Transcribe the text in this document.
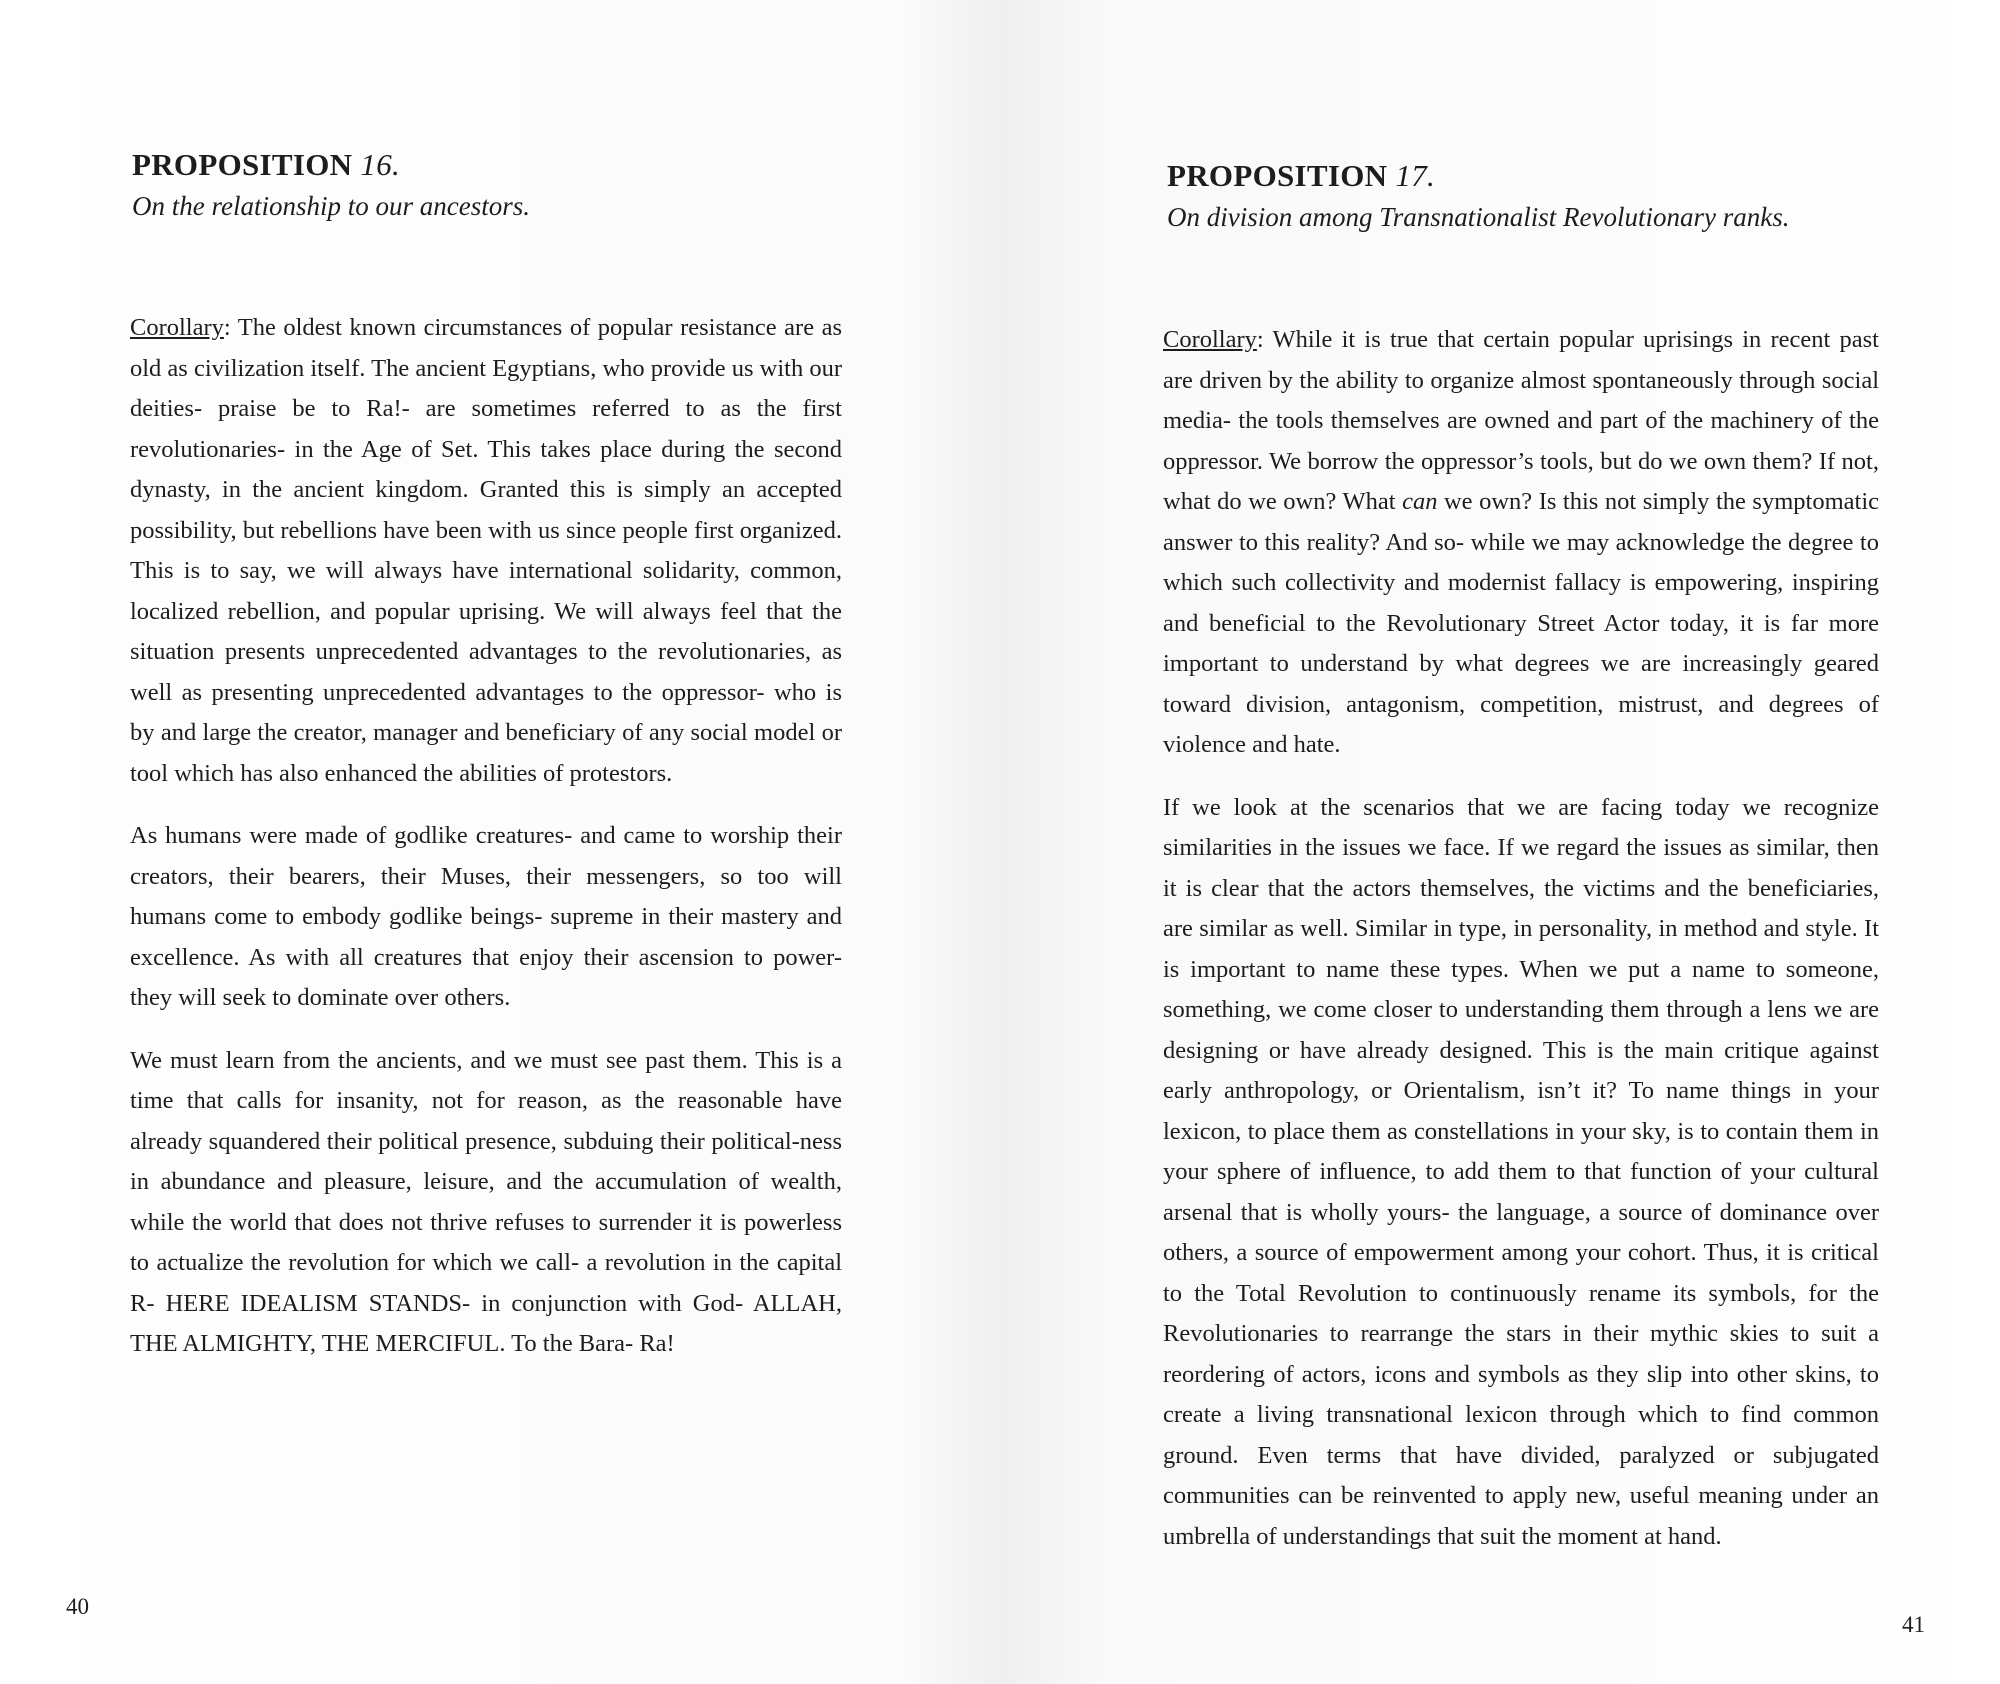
PROPOSITION 16.

On the relationship to our ancestors.

Corollary: The oldest known circumstances of popular resistance are as old as civilization itself. The ancient Egyptians, who provide us with our deities- praise be to Ra!- are sometimes referred to as the first revolutionaries- in the Age of Set. This takes place during the second dynasty, in the ancient kingdom. Granted this is simply an accepted possibility, but rebellions have been with us since people first organized. This is to say, we will always have international solidarity, common, localized rebellion, and popular uprising. We will always feel that the situation presents unprecedented advantages to the revolutionaries, as well as presenting unprecedented advantages to the oppressor- who is by and large the creator, manager and beneficiary of any social model or tool which has also enhanced the abilities of protestors.

As humans were made of godlike creatures- and came to worship their creators, their bearers, their Muses, their messengers, so too will humans come to embody godlike beings- supreme in their mastery and excellence. As with all creatures that enjoy their ascension to power- they will seek to dominate over others.

We must learn from the ancients, and we must see past them. This is a time that calls for insanity, not for reason, as the reasonable have already squandered their political presence, subduing their political-ness in abundance and pleasure, leisure, and the accumulation of wealth, while the world that does not thrive refuses to surrender it is powerless to actualize the revolution for which we call- a revolution in the capital R- HERE IDEALISM STANDS- in conjunction with God- ALLAH, THE ALMIGHTY, THE MERCIFUL. To the Bara- Ra!

40
PROPOSITION 17.

On division among Transnationalist Revolutionary ranks.

Corollary: While it is true that certain popular uprisings in recent past are driven by the ability to organize almost spontaneously through social media- the tools themselves are owned and part of the machinery of the oppressor. We borrow the oppressor’s tools, but do we own them? If not, what do we own? What can we own? Is this not simply the symptomatic answer to this reality? And so- while we may acknowledge the degree to which such collectivity and modernist fallacy is empowering, inspiring and beneficial to the Revolutionary Street Actor today, it is far more important to understand by what degrees we are increasingly geared toward division, antagonism, competition, mistrust, and degrees of violence and hate.

If we look at the scenarios that we are facing today we recognize similarities in the issues we face. If we regard the issues as similar, then it is clear that the actors themselves, the victims and the beneficiaries, are similar as well. Similar in type, in personality, in method and style. It is important to name these types. When we put a name to someone, something, we come closer to understanding them through a lens we are designing or have already designed. This is the main critique against early anthropology, or Orientalism, isn’t it? To name things in your lexicon, to place them as constellations in your sky, is to contain them in your sphere of influence, to add them to that function of your cultural arsenal that is wholly yours- the language, a source of dominance over others, a source of empowerment among your cohort. Thus, it is critical to the Total Revolution to continuously rename its symbols, for the Revolutionaries to rearrange the stars in their mythic skies to suit a reordering of actors, icons and symbols as they slip into other skins, to create a living transnational lexicon through which to find common ground. Even terms that have divided, paralyzed or subjugated communities can be reinvented to apply new, useful meaning under an umbrella of understandings that suit the moment at hand.

41
